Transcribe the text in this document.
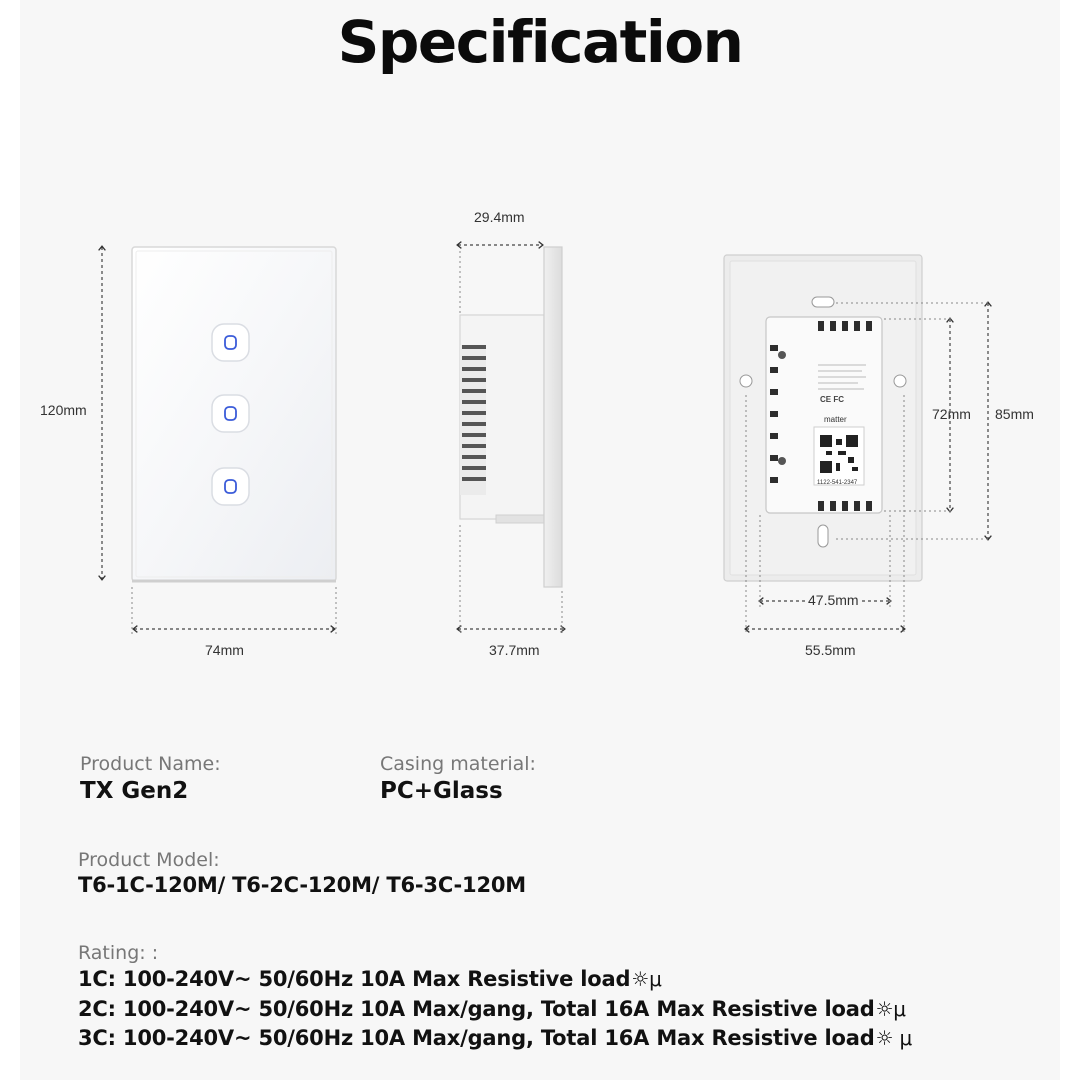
Specification
120mm
74mm
29.4mm
37.7mm
72mm 85mm
47.5mm
55.5mm
matter
CE FC
1122-541-2347
Product Name:
TX Gen2
Casing material:
PC+Glass
Product Model:
T6-1C-120M/ T6-2C-120M/ T6-3C-120M
Rating: :
1C: 100-240V~ 50/60Hz 10A Max Resistive load☼μ
2C: 100-240V~ 50/60Hz 10A Max/gang, Total 16A Max Resistive load☼μ
3C: 100-240V~ 50/60Hz 10A Max/gang, Total 16A Max Resistive load☼ μ
